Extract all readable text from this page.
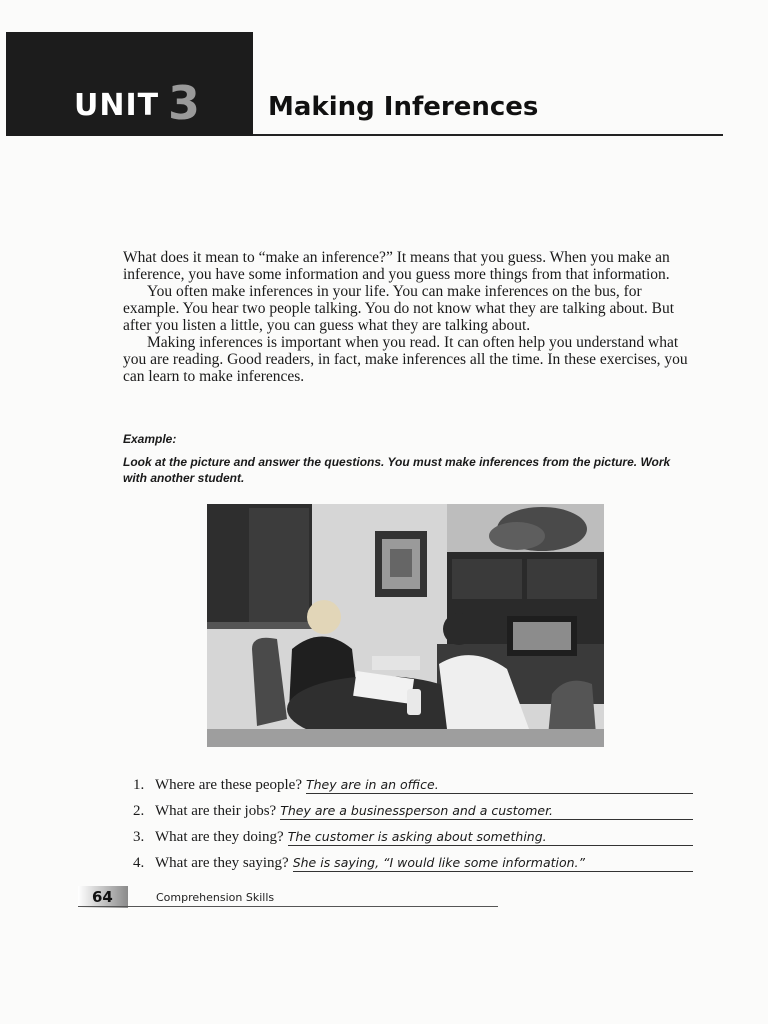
UNIT 3	Making Inferences

What does it mean to “make an inference?” It means that you guess. When you make an inference, you have some information and you guess more things from that information.

You often make inferences in your life. You can make inferences on the bus, for example. You hear two people talking. You do not know what they are talking about. But after you listen a little, you can guess what they are talking about.

Making inferences is important when you read. It can often help you understand what you are reading. Good readers, in fact, make inferences all the time. In these exercises, you can learn to make inferences.

Example:
Look at the picture and answer the questions. You must make inferences from the picture. Work with another student.
1. Where are these people? They are in an office.
2. What are their jobs? They are a businessperson and a customer.
3. What are they doing? The customer is asking about something.
4. What are they saying? She is saying, “I would like some information.”
64	Comprehension Skills
